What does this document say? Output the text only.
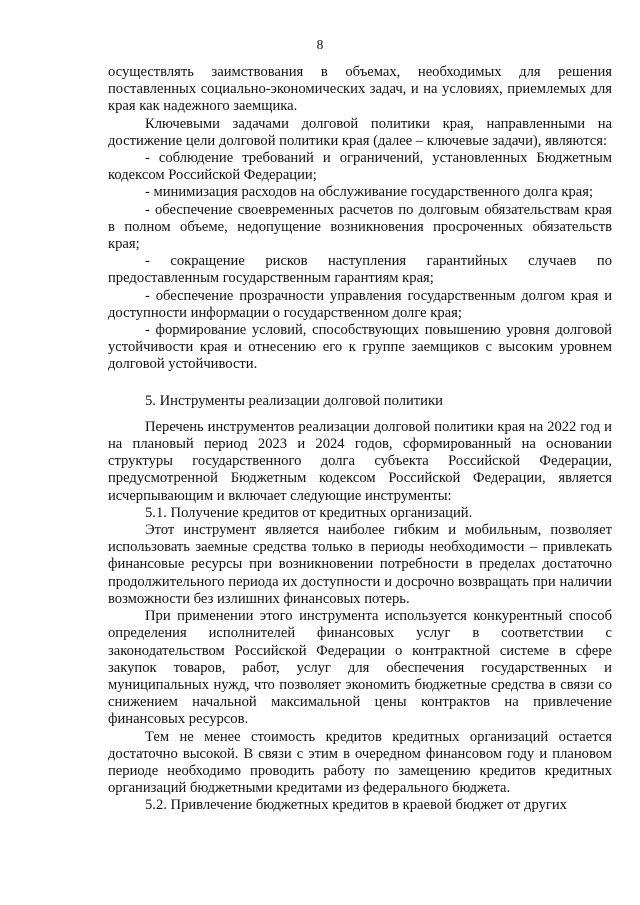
8

осуществлять заимствования в объемах, необходимых для решения поставленных социально-экономических задач, и на условиях, приемлемых для края как надежного заемщика.

Ключевыми задачами долговой политики края, направленными на достижение цели долговой политики края (далее – ключевые задачи), являются:

- соблюдение требований и ограничений, установленных Бюджетным кодексом Российской Федерации;

- минимизация расходов на обслуживание государственного долга края;

- обеспечение своевременных расчетов по долговым обязательствам края в полном объеме, недопущение возникновения просроченных обязательств края;

- сокращение рисков наступления гарантийных случаев по предоставленным государственным гарантиям края;

- обеспечение прозрачности управления государственным долгом края и доступности информации о государственном долге края;

- формирование условий, способствующих повышению уровня долговой устойчивости края и отнесению его к группе заемщиков с высоким уровнем долговой устойчивости.

5. Инструменты реализации долговой политики

Перечень инструментов реализации долговой политики края на 2022 год и на плановый период 2023 и 2024 годов, сформированный на основании структуры государственного долга субъекта Российской Федерации, предусмотренной Бюджетным кодексом Российской Федерации, является исчерпывающим и включает следующие инструменты:

5.1. Получение кредитов от кредитных организаций.

Этот инструмент является наиболее гибким и мобильным, позволяет использовать заемные средства только в периоды необходимости – привлекать финансовые ресурсы при возникновении потребности в пределах достаточно продолжительного периода их доступности и досрочно возвращать при наличии возможности без излишних финансовых потерь.

При применении этого инструмента используется конкурентный способ определения исполнителей финансовых услуг в соответствии с законодательством Российской Федерации о контрактной системе в сфере закупок товаров, работ, услуг для обеспечения государственных и муниципальных нужд, что позволяет экономить бюджетные средства в связи со снижением начальной максимальной цены контрактов на привлечение финансовых ресурсов.

Тем не менее стоимость кредитов кредитных организаций остается достаточно высокой. В связи с этим в очередном финансовом году и плановом периоде необходимо проводить работу по замещению кредитов кредитных организаций бюджетными кредитами из федерального бюджета.

5.2. Привлечение бюджетных кредитов в краевой бюджет от других
